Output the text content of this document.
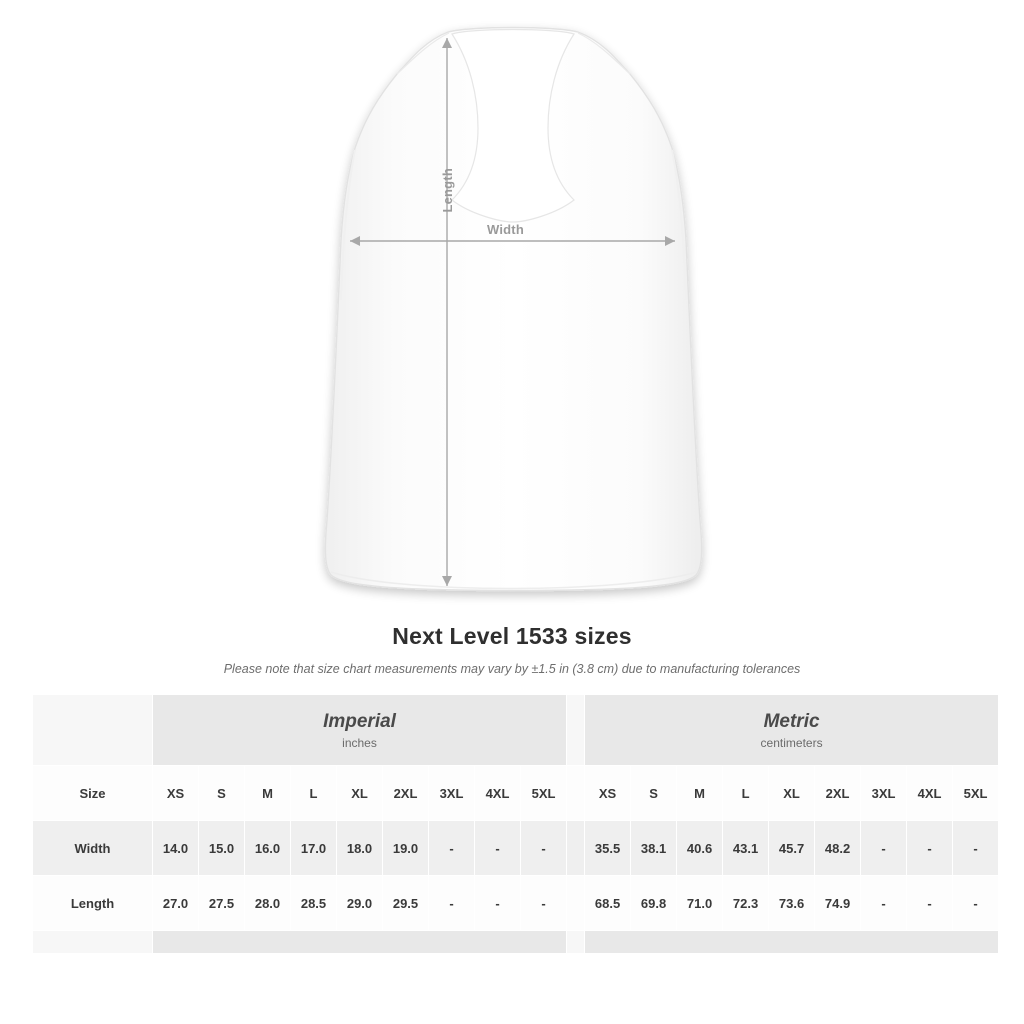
Width
Length
Next Level 1533 sizes
Please note that size chart measurements may vary by ±1.5 in (3.8 cm) due to manufacturing tolerances

	Imperial
inches										Metric
centimeters								

Size	XS	S	M	L	XL	2XL	3XL	4XL	5XL		XS	S	M	L	XL	2XL	3XL	4XL	5XL
Width	14.0	15.0	16.0	17.0	18.0	19.0	-	-	-		35.5	38.1	40.6	43.1	45.7	48.2	-	-	-
Length	27.0	27.5	28.0	28.5	29.0	29.5	-	-	-		68.5	69.8	71.0	72.3	73.6	74.9	-	-	-
